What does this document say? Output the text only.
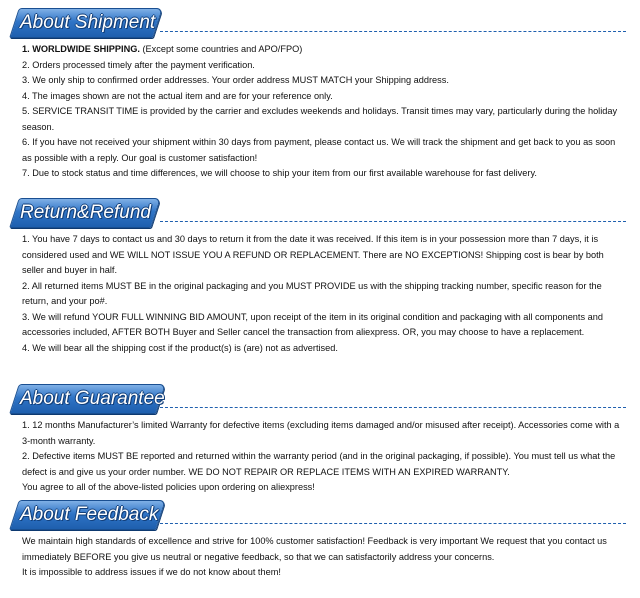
About Shipment

1. WORLDWIDE SHIPPING. (Except some countries and APO/FPO)

2. Orders processed timely after the payment verification.

3. We only ship to confirmed order addresses. Your order address MUST MATCH your Shipping address.

4. The images shown are not the actual item and are for your reference only.

5. SERVICE TRANSIT TIME is provided by the carrier and excludes weekends and holidays. Transit times may vary, particularly during the holiday season.

6. If you have not received your shipment within 30 days from payment, please contact us. We will track the shipment and get back to you as soon as possible with a reply. Our goal is customer satisfaction!

7. Due to stock status and time differences, we will choose to ship your item from our first available warehouse for fast delivery.

Return&Refund

1. You have 7 days to contact us and 30 days to return it from the date it was received. If this item is in your possession more than 7 days, it is considered used and WE WILL NOT ISSUE YOU A REFUND OR REPLACEMENT. There are NO EXCEPTIONS! Shipping cost is bear by both seller and buyer in half.

2. All returned items MUST BE in the original packaging and you MUST PROVIDE us with the shipping tracking number, specific reason for the return, and your po#.

3. We will refund YOUR FULL WINNING BID AMOUNT, upon receipt of the item in its original condition and packaging with all components and accessories included, AFTER BOTH Buyer and Seller cancel the transaction from aliexpress. OR, you may choose to have a replacement.

4. We will bear all the shipping cost if the product(s) is (are) not as advertised.

About Guarantee

1. 12 months Manufacturer’s limited Warranty for defective items (excluding items damaged and/or misused after receipt). Accessories come with a 3-month warranty.

2. Defective items MUST BE reported and returned within the warranty period (and in the original packaging, if possible). You must tell us what the defect is and give us your order number. WE DO NOT REPAIR OR REPLACE ITEMS WITH AN EXPIRED WARRANTY.

You agree to all of the above-listed policies upon ordering on aliexpress!

About Feedback

We maintain high standards of excellence and strive for 100% customer satisfaction! Feedback is very important We request that you contact us immediately BEFORE you give us neutral or negative feedback, so that we can satisfactorily address your concerns.

It is impossible to address issues if we do not know about them!
